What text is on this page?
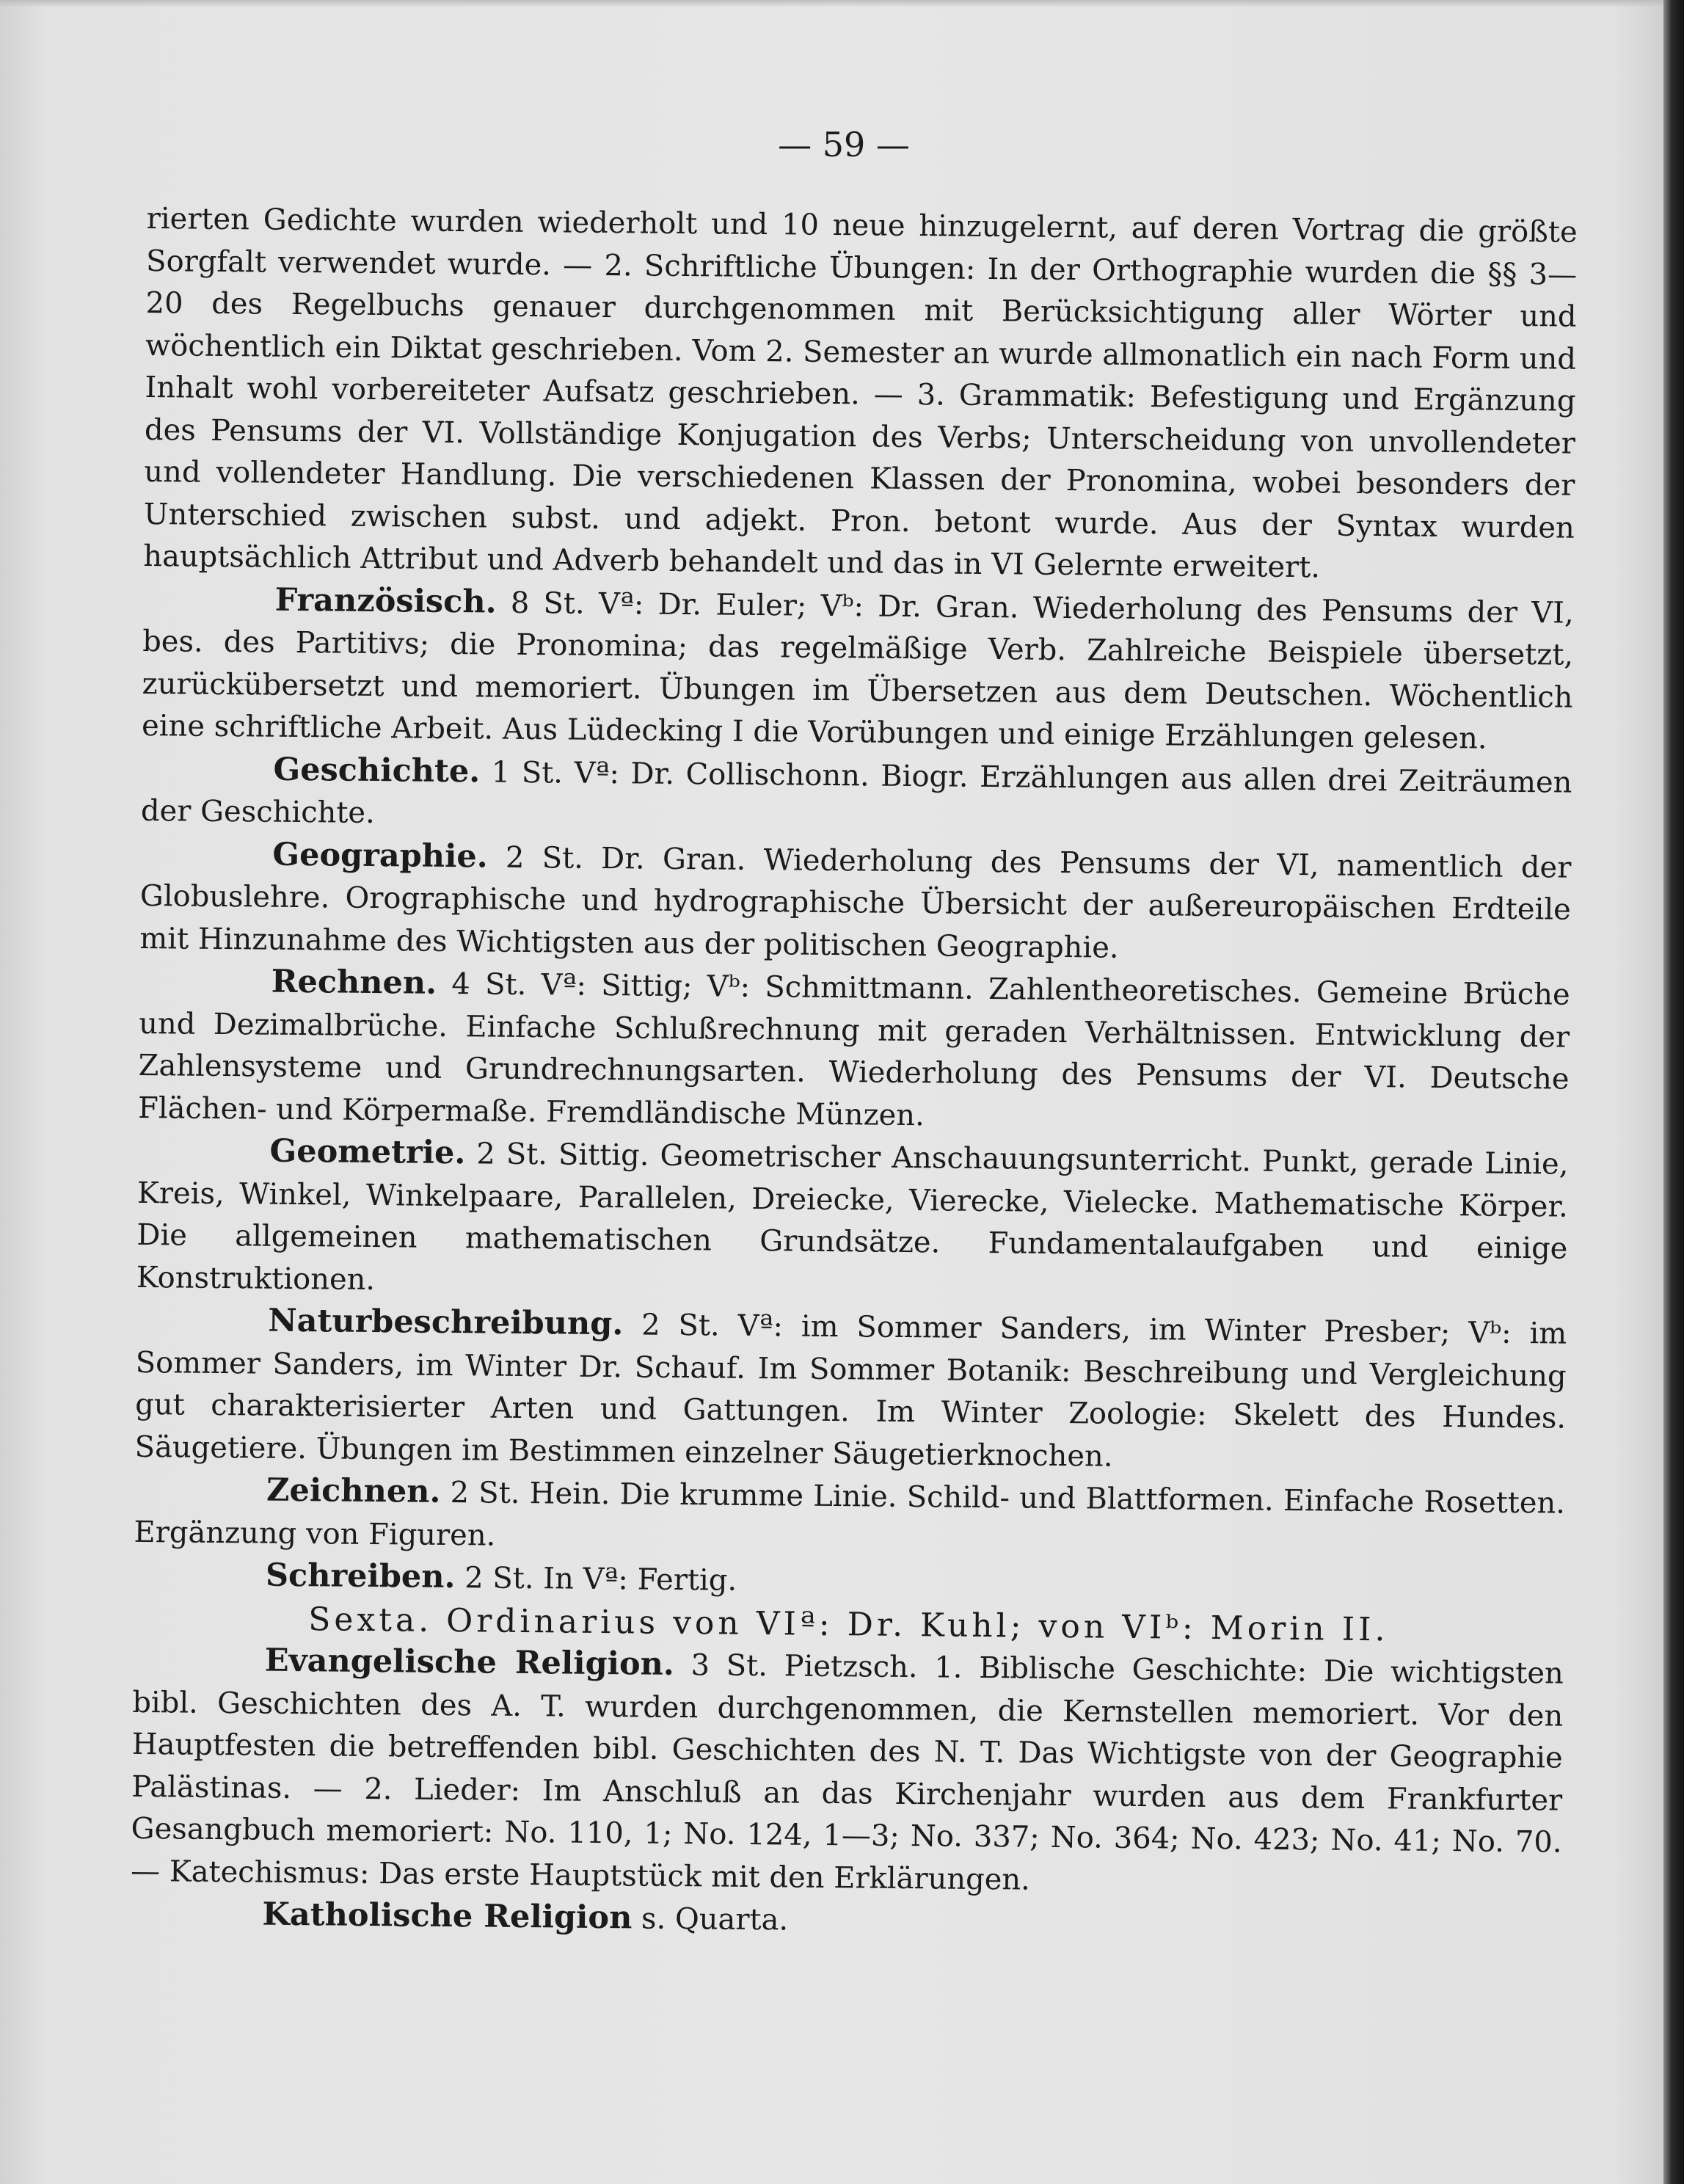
— 59 —

rierten Gedichte wurden wiederholt und 10 neue hinzugelernt, auf deren Vortrag die größte Sorgfalt verwendet wurde. — 2. Schriftliche Übungen: In der Orthographie wurden die §§ 3—20 des Regelbuchs genauer durchgenommen mit Berücksichtigung aller Wörter und wöchentlich ein Diktat geschrieben. Vom 2. Semester an wurde allmonatlich ein nach Form und Inhalt wohl vorbereiteter Aufsatz geschrieben. — 3. Grammatik: Befestigung und Ergänzung des Pensums der VI. Vollständige Konjugation des Verbs; Unterscheidung von unvollendeter und vollendeter Handlung. Die verschiedenen Klassen der Pronomina, wobei besonders der Unterschied zwischen subst. und adjekt. Pron. betont wurde. Aus der Syntax wurden hauptsächlich Attribut und Adverb behandelt und das in VI Gelernte erweitert.

Französisch. 8 St. Vª: Dr. Euler; Vᵇ: Dr. Gran. Wiederholung des Pensums der VI, bes. des Partitivs; die Pronomina; das regelmäßige Verb. Zahlreiche Beispiele übersetzt, zurückübersetzt und memoriert. Übungen im Übersetzen aus dem Deutschen. Wöchentlich eine schriftliche Arbeit. Aus Lüdecking I die Vorübungen und einige Erzählungen gelesen.

Geschichte. 1 St. Vª: Dr. Collischonn. Biogr. Erzählungen aus allen drei Zeiträumen der Geschichte.

Geographie. 2 St. Dr. Gran. Wiederholung des Pensums der VI, namentlich der Globuslehre. Orographische und hydrographische Übersicht der außereuropäischen Erdteile mit Hinzunahme des Wichtigsten aus der politischen Geographie.

Rechnen. 4 St. Vª: Sittig; Vᵇ: Schmittmann. Zahlentheoretisches. Gemeine Brüche und Dezimalbrüche. Einfache Schlußrechnung mit geraden Verhältnissen. Entwicklung der Zahlensysteme und Grundrechnungsarten. Wiederholung des Pensums der VI. Deutsche Flächen- und Körpermaße. Fremdländische Münzen.

Geometrie. 2 St. Sittig. Geometrischer Anschauungsunterricht. Punkt, gerade Linie, Kreis, Winkel, Winkelpaare, Parallelen, Dreiecke, Vierecke, Vielecke. Mathematische Körper. Die allgemeinen mathematischen Grundsätze. Fundamentalaufgaben und einige Konstruktionen.

Naturbeschreibung. 2 St. Vª: im Sommer Sanders, im Winter Presber; Vᵇ: im Sommer Sanders, im Winter Dr. Schauf. Im Sommer Botanik: Beschreibung und Vergleichung gut charakterisierter Arten und Gattungen. Im Winter Zoologie: Skelett des Hundes. Säugetiere. Übungen im Bestimmen einzelner Säugetierknochen.

Zeichnen. 2 St. Hein. Die krumme Linie. Schild- und Blattformen. Einfache Rosetten. Ergänzung von Figuren.

Schreiben. 2 St. In Vª: Fertig.

Sexta. Ordinarius von VIª: Dr. Kuhl; von VIᵇ: Morin II.

Evangelische Religion. 3 St. Pietzsch. 1. Biblische Geschichte: Die wichtigsten bibl. Geschichten des A. T. wurden durchgenommen, die Kernstellen memoriert. Vor den Hauptfesten die betreffenden bibl. Geschichten des N. T. Das Wichtigste von der Geographie Palästinas. — 2. Lieder: Im Anschluß an das Kirchenjahr wurden aus dem Frankfurter Gesangbuch memoriert: No. 110, 1; No. 124, 1—3; No. 337; No. 364; No. 423; No. 41; No. 70. — Katechismus: Das erste Hauptstück mit den Erklärungen.

Katholische Religion s. Quarta.
